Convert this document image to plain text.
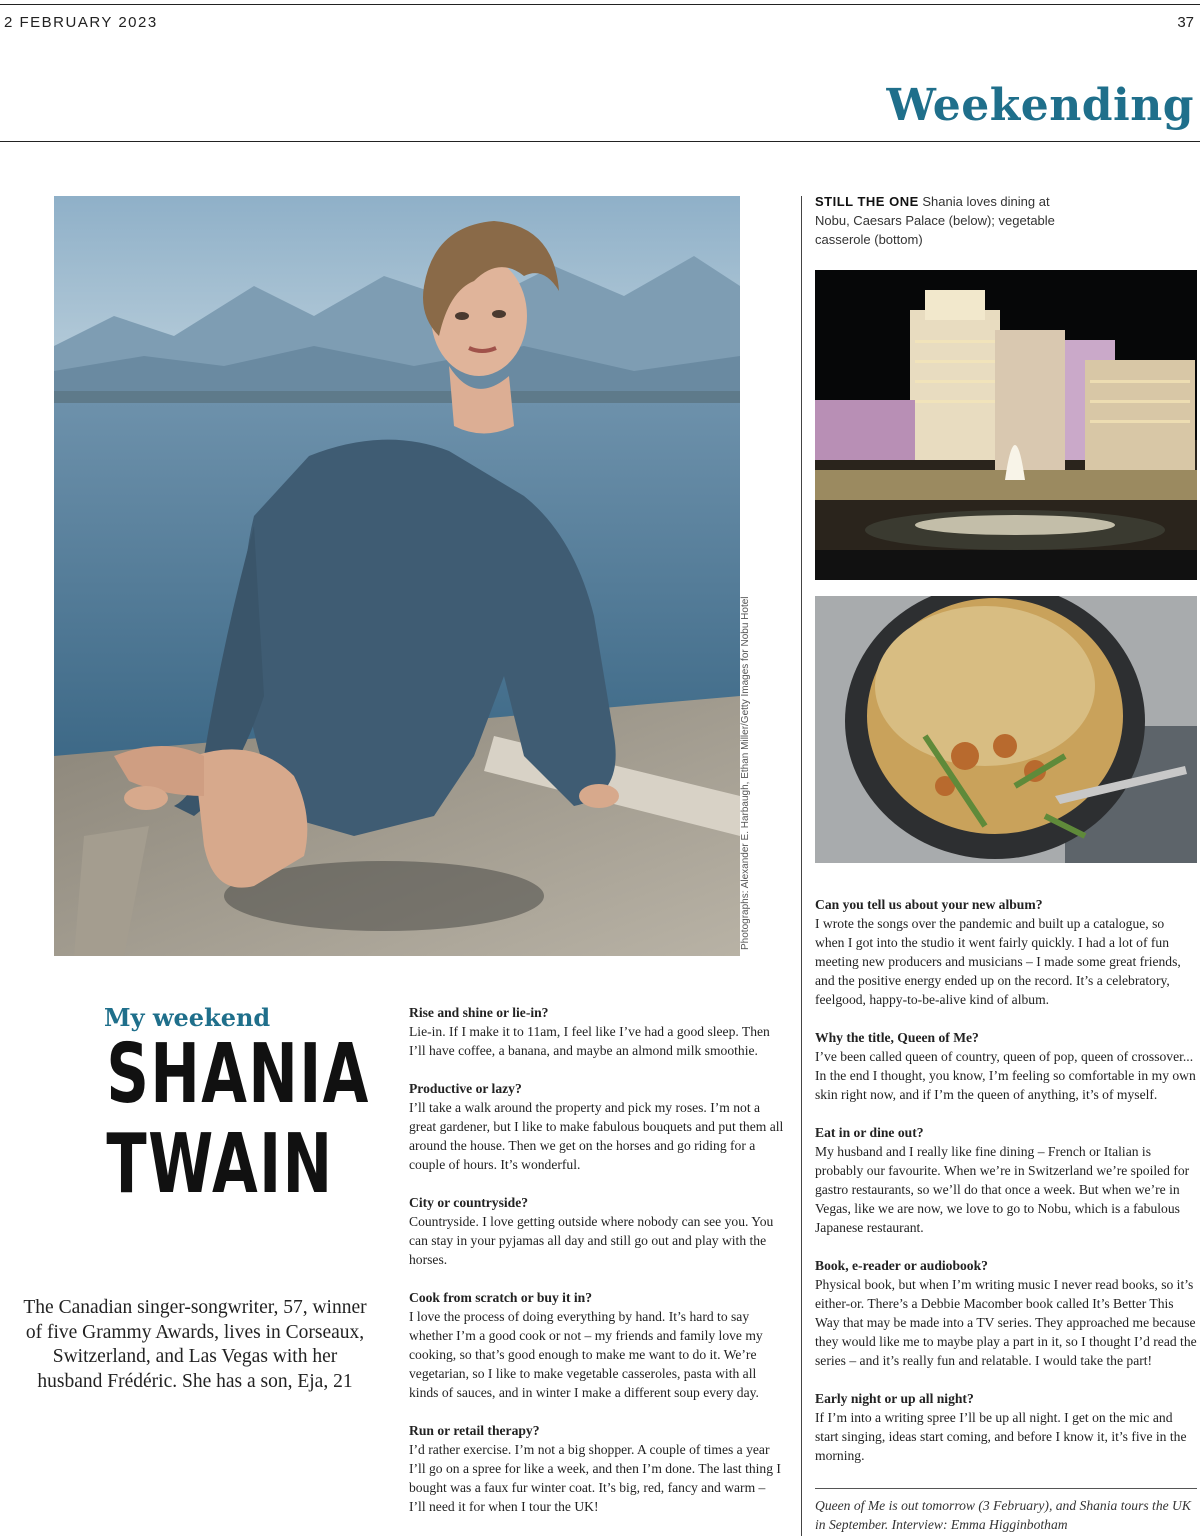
2 FEBRUARY 2023	37
Weekending
Photographs: Alexander E. Harbaugh, Ethan Miller/Getty Images for Nobu Hotel
STILL THE ONE Shania loves dining at Nobu, Caesars Palace (below); vegetable casserole (bottom)
My weekend
SHANIA
TWAIN
The Canadian singer-songwriter, 57, winner of five Grammy Awards, lives in Corseaux, Switzerland, and Las Vegas with her husband Frédéric. She has a son, Eja, 21
Rise and shine or lie-in?
Lie-in. If I make it to 11am, I feel like I’ve had a good sleep. Then I’ll have coffee, a banana, and maybe an almond milk smoothie.
Productive or lazy?
I’ll take a walk around the property and pick my roses. I’m not a great gardener, but I like to make fabulous bouquets and put them all around the house. Then we get on the horses and go riding for a couple of hours. It’s wonderful.
City or countryside?
Countryside. I love getting outside where nobody can see you. You can stay in your pyjamas all day and still go out and play with the horses.
Cook from scratch or buy it in?
I love the process of doing everything by hand. It’s hard to say whether I’m a good cook or not – my friends and family love my cooking, so that’s good enough to make me want to do it. We’re vegetarian, so I like to make vegetable casseroles, pasta with all kinds of sauces, and in winter I make a different soup every day.
Run or retail therapy?
I’d rather exercise. I’m not a big shopper. A couple of times a year I’ll go on a spree for like a week, and then I’m done. The last thing I bought was a faux fur winter coat. It’s big, red, fancy and warm – I’ll need it for when I tour the UK!
Can you tell us about your new album?
I wrote the songs over the pandemic and built up a catalogue, so when I got into the studio it went fairly quickly. I had a lot of fun meeting new producers and musicians – I made some great friends, and the positive energy ended up on the record. It’s a celebratory, feelgood, happy-to-be-alive kind of album.
Why the title, Queen of Me?
I’ve been called queen of country, queen of pop, queen of crossover... In the end I thought, you know, I’m feeling so comfortable in my own skin right now, and if I’m the queen of anything, it’s of myself.
Eat in or dine out?
My husband and I really like fine dining – French or Italian is probably our favourite. When we’re in Switzerland we’re spoiled for gastro restaurants, so we’ll do that once a week. But when we’re in Vegas, like we are now, we love to go to Nobu, which is a fabulous Japanese restaurant.
Book, e-reader or audiobook?
Physical book, but when I’m writing music I never read books, so it’s either-or. There’s a Debbie Macomber book called It’s Better This Way that may be made into a TV series. They approached me because they would like me to maybe play a part in it, so I thought I’d read the series – and it’s really fun and relatable. I would take the part!
Early night or up all night?
If I’m into a writing spree I’ll be up all night. I get on the mic and start singing, ideas start coming, and before I know it, it’s five in the morning.
Queen of Me is out tomorrow (3 February), and Shania tours the UK in September. Interview: Emma Higginbotham
